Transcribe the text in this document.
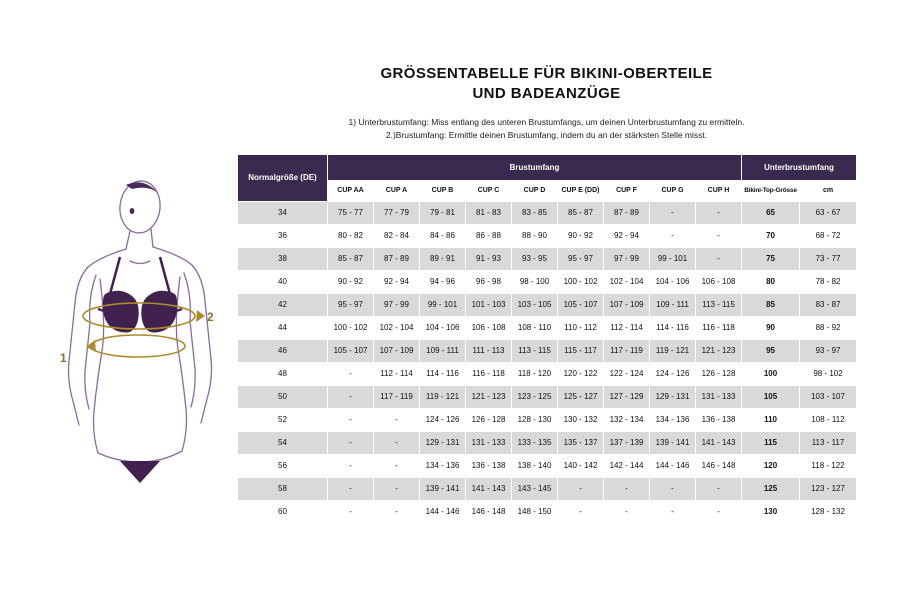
1
2
GRÖSSENTABELLE FÜR BIKINI-OBERTEILE
UND BADEANZÜGE
1) Unterbrustumfang: Miss entlang des unteren Brustumfangs, um deinen Unterbrustumfang zu ermitteln.
2.)Brustumfang: Ermittle deinen Brustumfang, indem du an der stärksten Stelle misst.
Normalgröße (DE)	Brustumfang									Unterbrustumfang	
	CUP AA	CUP A	CUP B	CUP C	CUP D	CUP E (DD)	CUP F	CUP G	CUP H	Bikini-Top-Grösse	cm
34	75 - 77	77 - 79	79 - 81	81 - 83	83 - 85	85 - 87	87 - 89	-	-	65	63 - 67
36	80 - 82	82 - 84	84 - 86	86 - 88	88 - 90	90 - 92	92 - 94	-	-	70	68 - 72
38	85 - 87	87 - 89	89 - 91	91 - 93	93 - 95	95 - 97	97 - 99	99 - 101	-	75	73 - 77
40	90 - 92	92 - 94	94 - 96	96 - 98	98 - 100	100 - 102	102 - 104	104 - 106	106 - 108	80	78 - 82
42	95 - 97	97 - 99	99 - 101	101 - 103	103 - 105	105 - 107	107 - 109	109 - 111	113 - 115	85	83 - 87
44	100 - 102	102 - 104	104 - 106	106 - 108	108 - 110	110 - 112	112 - 114	114 - 116	116 - 118	90	88 - 92
46	105 - 107	107 - 109	109 - 111	111 - 113	113 - 115	115 - 117	117 - 119	119 - 121	121 - 123	95	93 - 97
48	-	112 - 114	114 - 116	116 - 118	118 - 120	120 - 122	122 - 124	124 - 126	126 - 128	100	98 - 102
50	-	117 - 119	119 - 121	121 - 123	123 - 125	125 - 127	127 - 129	129 - 131	131 - 133	105	103 - 107
52	-	-	124 - 126	126 - 128	128 - 130	130 - 132	132 - 134	134 - 136	136 - 138	110	108 - 112
54	-	-	129 - 131	131 - 133	133 - 135	135 - 137	137 - 139	139 - 141	141 - 143	115	113 - 117
56	-	-	134 - 136	136 - 138	138 - 140	140 - 142	142 - 144	144 - 146	146 - 148	120	118 - 122
58	-	-	139 - 141	141 - 143	143 - 145	-	-	-	-	125	123 - 127
60	-	-	144 - 146	146 - 148	148 - 150	-	-	-	-	130	128 - 132
